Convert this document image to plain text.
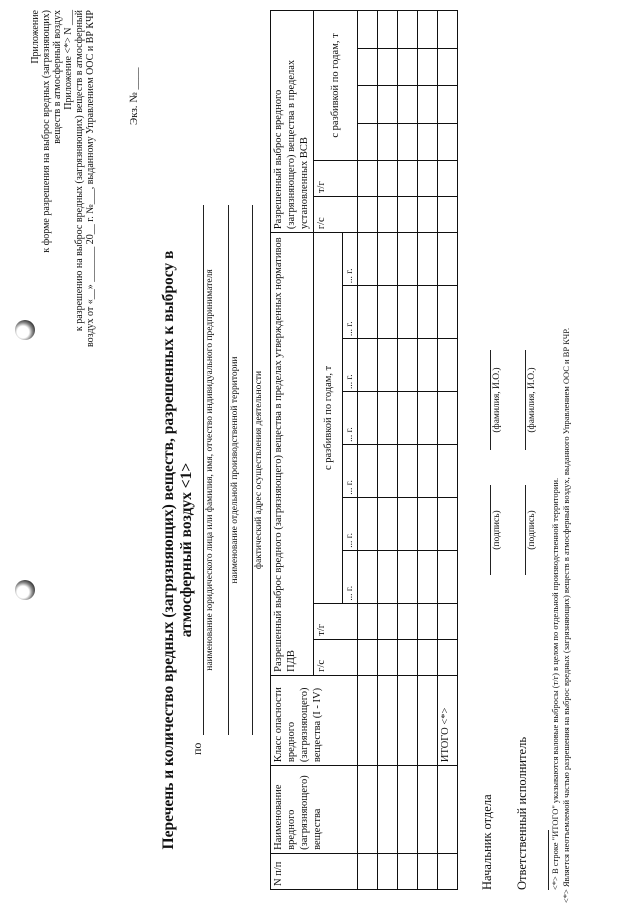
Приложение к форме разрешения на выброс вредных (загрязняющих) веществ в атмосферный воздух Приложение <*> N ___ к разрешению на выброс вредных (загрязняющих) веществ в атмосферный воздух от «__» _______ 20__ г. №___, выданному Управлением ООС и ВР КЧР	Экз. № ____
Перечень и количество вредных (загрязняющих) веществ, разрешенных к выбросу в атмосферный воздух <1>
по
наименование юридического лица или фамилия, имя, отчество индивидуального предпринимателя наименование отдельной производственной территории фактический адрес осуществления деятельности
N п/п	Наименование вредного (загрязняющего) вещества	Класс опасности вредного (загрязняющего) вещества (I - IV)	Разрешенный выброс вредного (загрязняющего) вещества в пределах утвержденных нормативов ПДВ									Разрешенный выброс вредного (загрязняющего) вещества в пределах установленных ВСВ					
			г/с	т/г	с разбивкой по годам, т							г/с	т/г	с разбивкой по годам, т			
					... г.	... г.	... г.	... г.	... г.	... г.	... г.						

		ИТОГО <*>															
Начальник отдела
(подпись)
(фамилия, И.О.)
Ответственный исполнитель
(подпись)
(фамилия, И.О.)
<*> В строке "ИТОГО" указываются валовые выбросы (т/г) в целом по отдельной производственной территории. <*> Является неотъемлемой частью разрешения на выброс вредных (загрязняющих) веществ в атмосферный воздух, выданного Управлением ООС и ВР КЧР.
